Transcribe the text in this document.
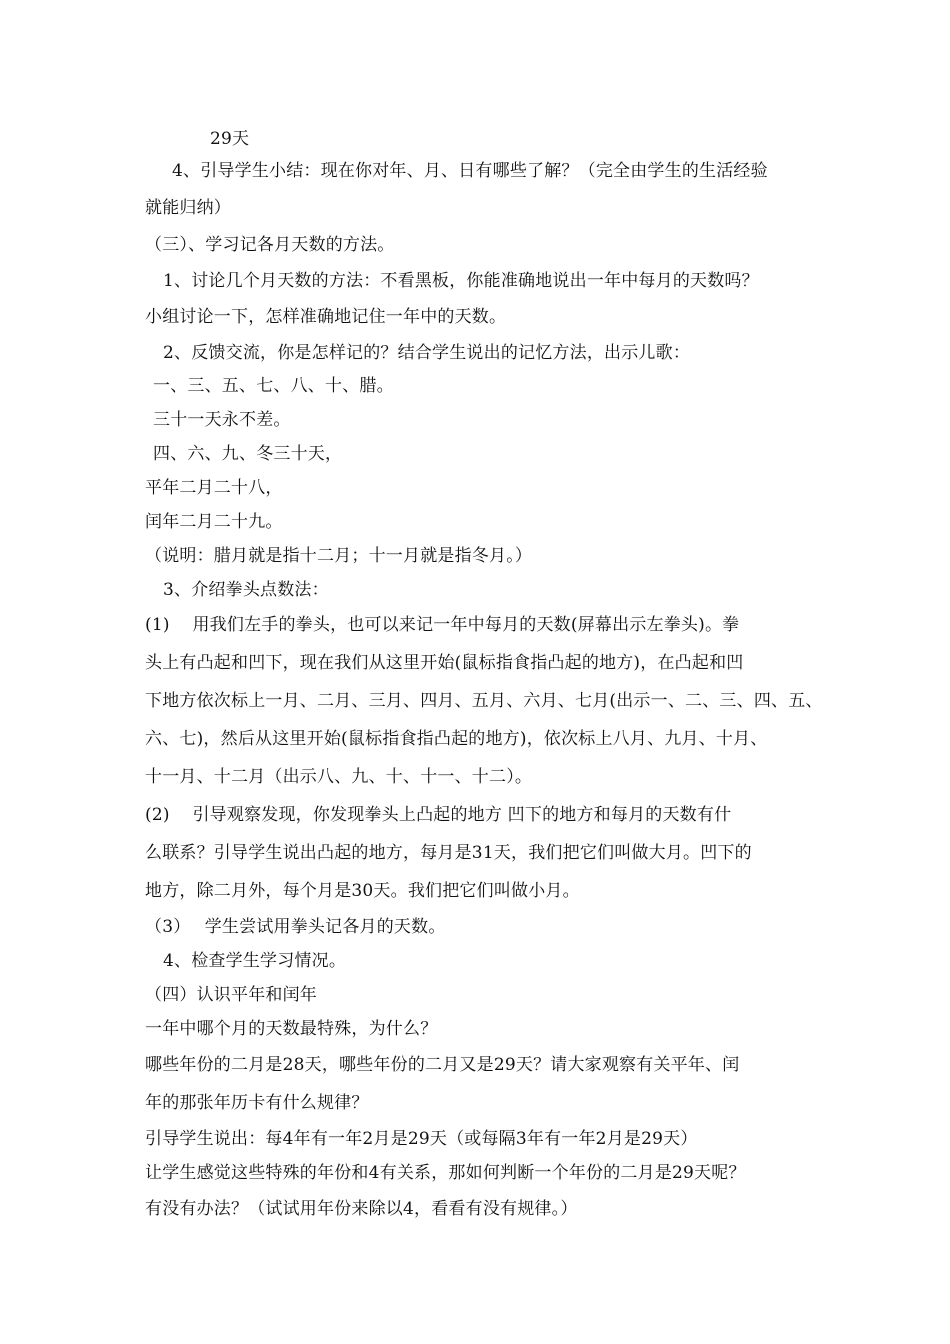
29天
4、引导学生小结：现在你对年、月、日有哪些了解？（完全由学生的生活经验
就能归纳）
（三）、学习记各月天数的方法。
1、讨论几个月天数的方法：不看黑板，你能准确地说出一年中每月的天数吗？
小组讨论一下，怎样准确地记住一年中的天数。
2、反馈交流，你是怎样记的？结合学生说出的记忆方法，出示儿歌：
一、三、五、七、八、十、腊。
三十一天永不差。
四、六、九、冬三十天，
平年二月二十八，
闰年二月二十九。
（说明：腊月就是指十二月；十一月就是指冬月。）
3、介绍拳头点数法：
(1)　 用我们左手的拳头，也可以来记一年中每月的天数(屏幕出示左拳头)。拳
头上有凸起和凹下，现在我们从这里开始(鼠标指食指凸起的地方)，在凸起和凹
下地方依次标上一月、二月、三月、四月、五月、六月、七月(出示一、二、三、四、五、
六、七)，然后从这里开始(鼠标指食指凸起的地方)，依次标上八月、九月、十月、
十一月、十二月（出示八、九、十、十一、十二）。
(2)　 引导观察发现，你发现拳头上凸起的地方 凹下的地方和每月的天数有什
么联系？引导学生说出凸起的地方，每月是31天，我们把它们叫做大月。凹下的
地方，除二月外，每个月是30天。我们把它们叫做小月。
（3）　 学生尝试用拳头记各月的天数。
4、检查学生学习情况。
（四）认识平年和闰年
一年中哪个月的天数最特殊，为什么？
哪些年份的二月是28天，哪些年份的二月又是29天？请大家观察有关平年、闰
年的那张年历卡有什么规律？
引导学生说出：每4年有一年2月是29天（或每隔3年有一年2月是29天）
让学生感觉这些特殊的年份和4有关系，那如何判断一个年份的二月是29天呢？
有没有办法？（试试用年份来除以4，看看有没有规律。）
